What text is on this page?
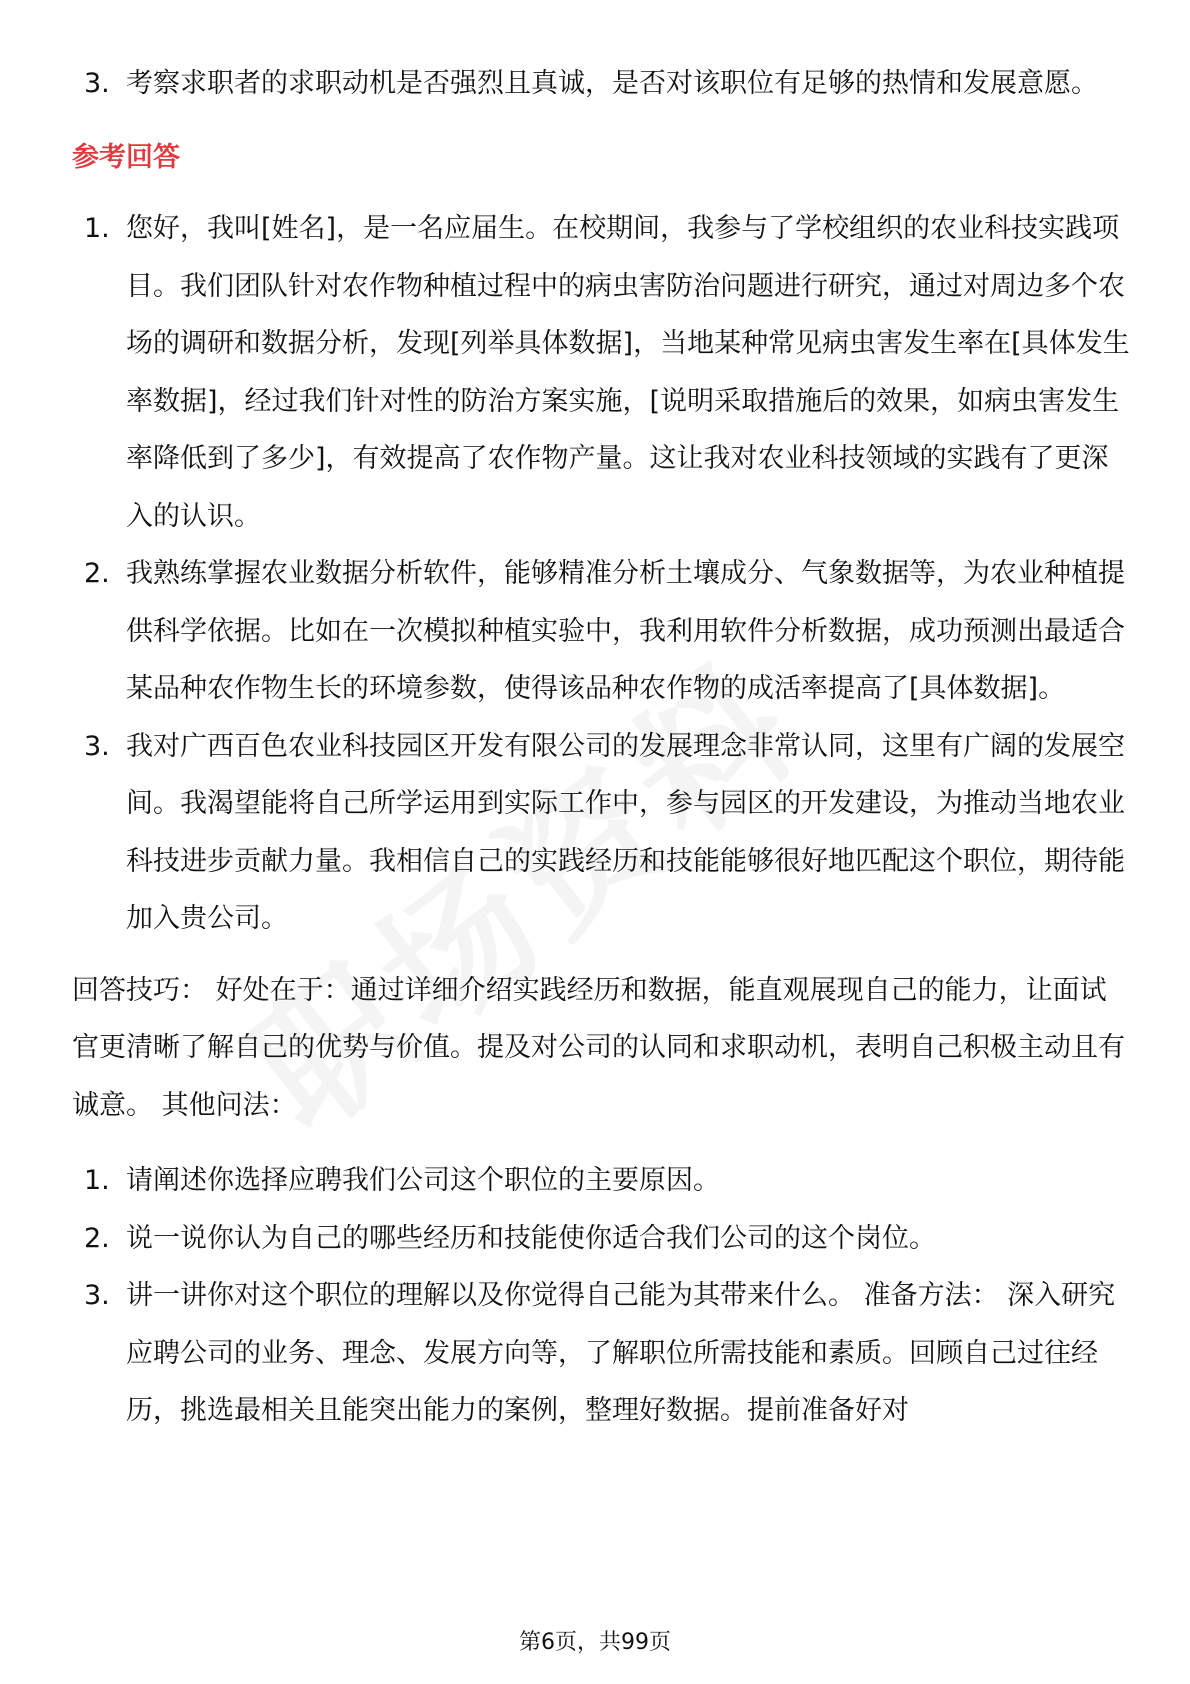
3. 考察求职者的求职动机是否强烈且真诚，是否对该职位有足够的热情和发展意愿。

参考回答

1. 您好，我叫[姓名]，是一名应届生。在校期间，我参与了学校组织的农业科技实践项目。我们团队针对农作物种植过程中的病虫害防治问题进行研究，通过对周边多个农场的调研和数据分析，发现[列举具体数据]，当地某种常见病虫害发生率在[具体发生率数据]，经过我们针对性的防治方案实施，[说明采取措施后的效果，如病虫害发生率降低到了多少]，有效提高了农作物产量。这让我对农业科技领域的实践有了更深入的认识。

2. 我熟练掌握农业数据分析软件，能够精准分析土壤成分、气象数据等，为农业种植提供科学依据。比如在一次模拟种植实验中，我利用软件分析数据，成功预测出最适合某品种农作物生长的环境参数，使得该品种农作物的成活率提高了[具体数据]。

3. 我对广西百色农业科技园区开发有限公司的发展理念非常认同，这里有广阔的发展空间。我渴望能将自己所学运用到实际工作中，参与园区的开发建设，为推动当地农业科技进步贡献力量。我相信自己的实践经历和技能能够很好地匹配这个职位，期待能加入贵公司。

回答技巧： 好处在于：通过详细介绍实践经历和数据，能直观展现自己的能力，让面试官更清晰了解自己的优势与价值。提及对公司的认同和求职动机，表明自己积极主动且有诚意。 其他问法：

1. 请阐述你选择应聘我们公司这个职位的主要原因。

2. 说一说你认为自己的哪些经历和技能使你适合我们公司的这个岗位。

3. 讲一讲你对这个职位的理解以及你觉得自己能为其带来什么。 准备方法： 深入研究应聘公司的业务、理念、发展方向等，了解职位所需技能和素质。回顾自己过往经历，挑选最相关且能突出能力的案例，整理好数据。提前准备好对

第6页，共99页
